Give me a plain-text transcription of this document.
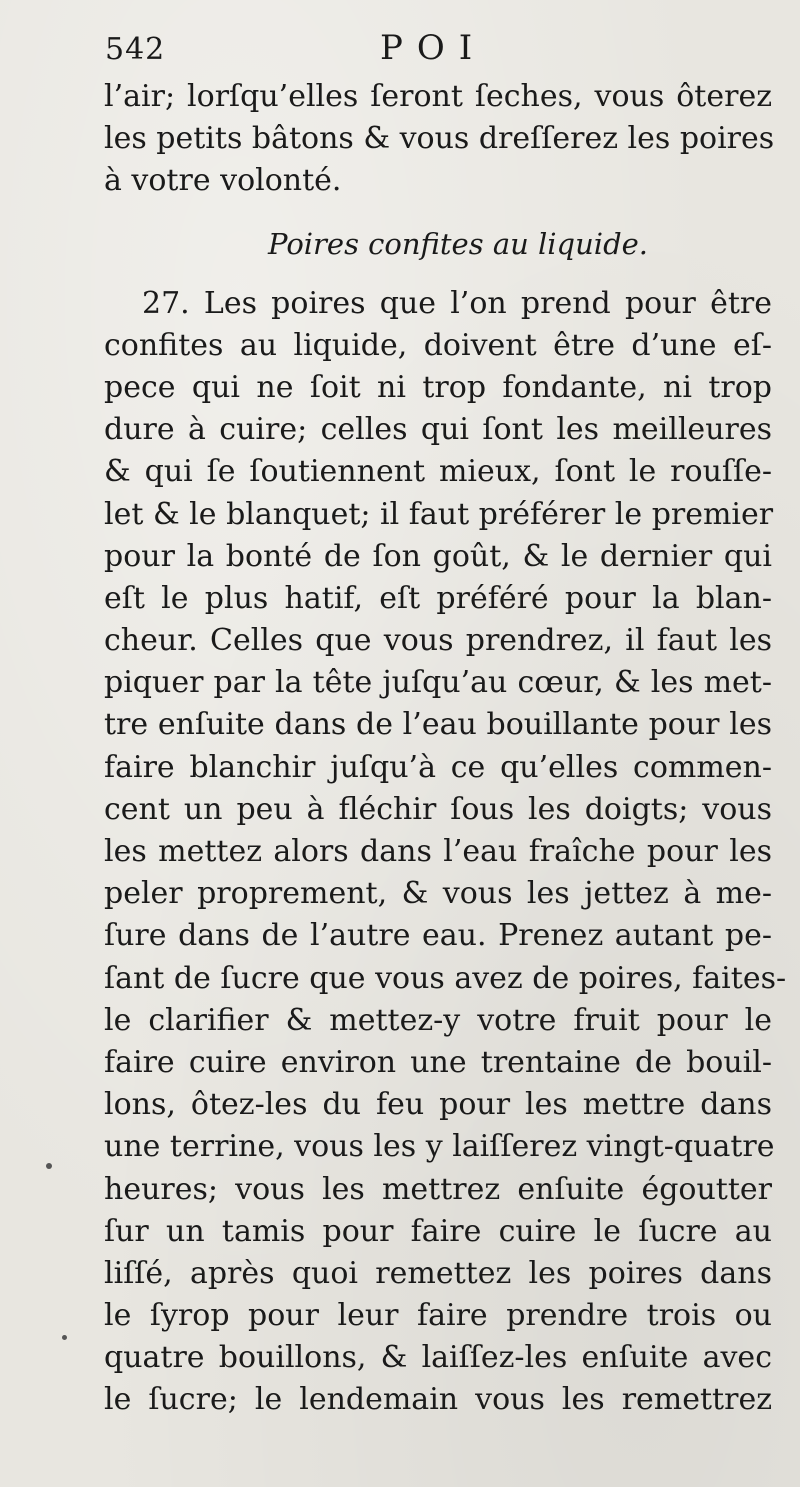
542	POI
l’air; lorſqu’elles ſeront ſeches, vous ôterez
les petits bâtons & vous dreſſerez les poires
à votre volonté.
Poires confites au liquide.
27. Les poires que l’on prend pour être
confites au liquide, doivent être d’une eſ-
pece qui ne ſoit ni trop fondante, ni trop
dure à cuire; celles qui ſont les meilleures
& qui ſe ſoutiennent mieux, ſont le rouſſe-
let & le blanquet; il faut préférer le premier
pour la bonté de ſon goût, & le dernier qui
eſt le plus hatif, eſt préféré pour la blan-
cheur. Celles que vous prendrez, il faut les
piquer par la tête juſqu’au cœur, & les met-
tre enſuite dans de l’eau bouillante pour les
faire blanchir juſqu’à ce qu’elles commen-
cent un peu à fléchir ſous les doigts; vous
les mettez alors dans l’eau fraîche pour les
peler proprement, & vous les jettez à me-
ſure dans de l’autre eau. Prenez autant pe-
ſant de ſucre que vous avez de poires, faites-
le clarifier & mettez-y votre fruit pour le
faire cuire environ une trentaine de bouil-
lons, ôtez-les du feu pour les mettre dans
une terrine, vous les y laiſſerez vingt-quatre
heures; vous les mettrez enſuite égoutter
ſur un tamis pour faire cuire le ſucre au
liſſé, après quoi remettez les poires dans
le ſyrop pour leur faire prendre trois ou
quatre bouillons, & laiſſez-les enſuite avec
le ſucre; le lendemain vous les remettrez
